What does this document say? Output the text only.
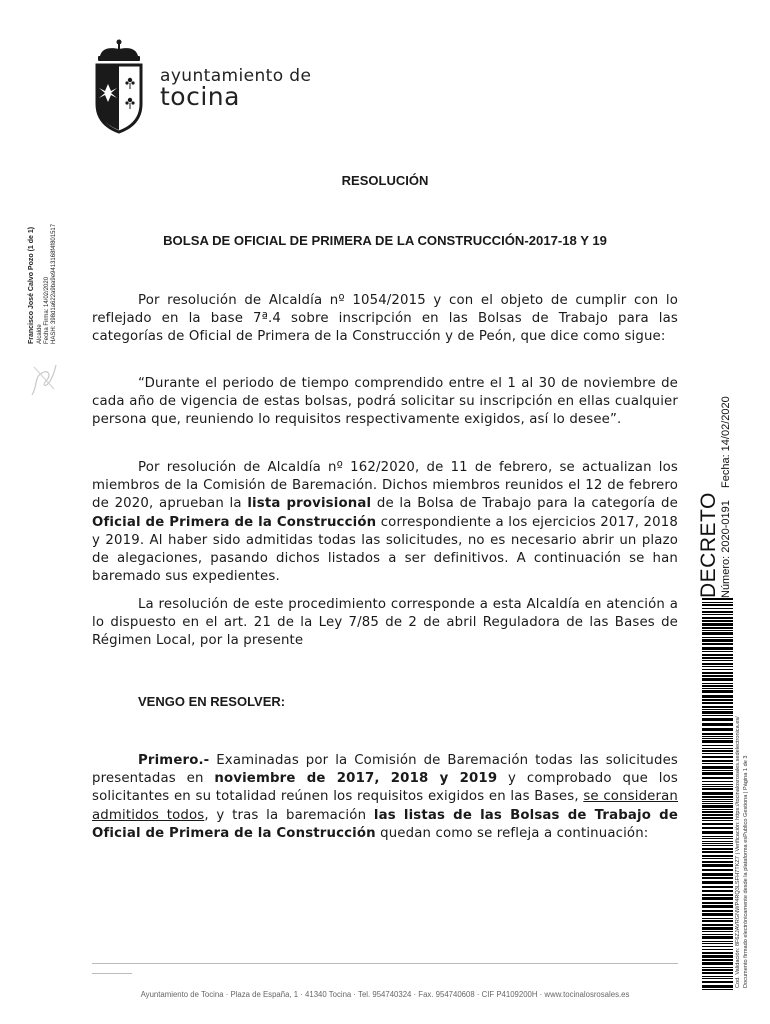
ayuntamiento de
tocina
Francisco José Calvo Pozo (1 de 1) Alcalde Fecha Firma: 14/02/2020 HASH: 398d1a622a9ba9e9413168f4f801517
DECRETO Número: 2020-0191
Fecha: 14/02/2020
Cod. Validación: 8F6ZJAVRGNWP4RQ3LSFH7TKZ7 | Verificación: https://tocinalosrosales.sedelectronica.es/ Documento firmado electrónicamente desde la plataforma esPublico Gestiona | Página 1 de 3
RESOLUCIÓN
BOLSA DE OFICIAL DE PRIMERA DE LA CONSTRUCCIÓN-2017-18 Y 19

Por resolución de Alcaldía nº 1054/2015 y con el objeto de cumplir con lo reflejado en la base 7ª.4 sobre inscripción en las Bolsas de Trabajo para las categorías de Oficial de Primera de la Construcción y de Peón, que dice como sigue:

“Durante el periodo de tiempo comprendido entre el 1 al 30 de noviembre de cada año de vigencia de estas bolsas, podrá solicitar su inscripción en ellas cualquier persona que, reuniendo lo requisitos respectivamente exigidos, así lo desee”.

Por resolución de Alcaldía nº 162/2020, de 11 de febrero, se actualizan los miembros de la Comisión de Baremación. Dichos miembros reunidos el 12 de febrero de 2020, aprueban la lista provisional de la Bolsa de Trabajo para la categoría de Oficial de Primera de la Construcción correspondiente a los ejercicios 2017, 2018 y 2019. Al haber sido admitidas todas las solicitudes, no es necesario abrir un plazo de alegaciones, pasando dichos listados a ser definitivos. A continuación se han baremado sus expedientes.

La resolución de este procedimiento corresponde a esta Alcaldía en atención a lo dispuesto en el art. 21 de la Ley 7/85 de 2 de abril Reguladora de las Bases de Régimen Local, por la presente

VENGO EN RESOLVER:

Primero.- Examinadas por la Comisión de Baremación todas las solicitudes presentadas en noviembre de 2017, 2018 y 2019 y comprobado que los solicitantes en su totalidad reúnen los requisitos exigidos en las Bases, se consideran admitidos todos, y tras la baremación las listas de las Bolsas de Trabajo de Oficial de Primera de la Construcción quedan como se refleja a continuación:

Ayuntamiento de Tocina · Plaza de España, 1 · 41340 Tocina · Tel. 954740324 · Fax. 954740608 · CIF P4109200H · www.tocinalosrosales.es
